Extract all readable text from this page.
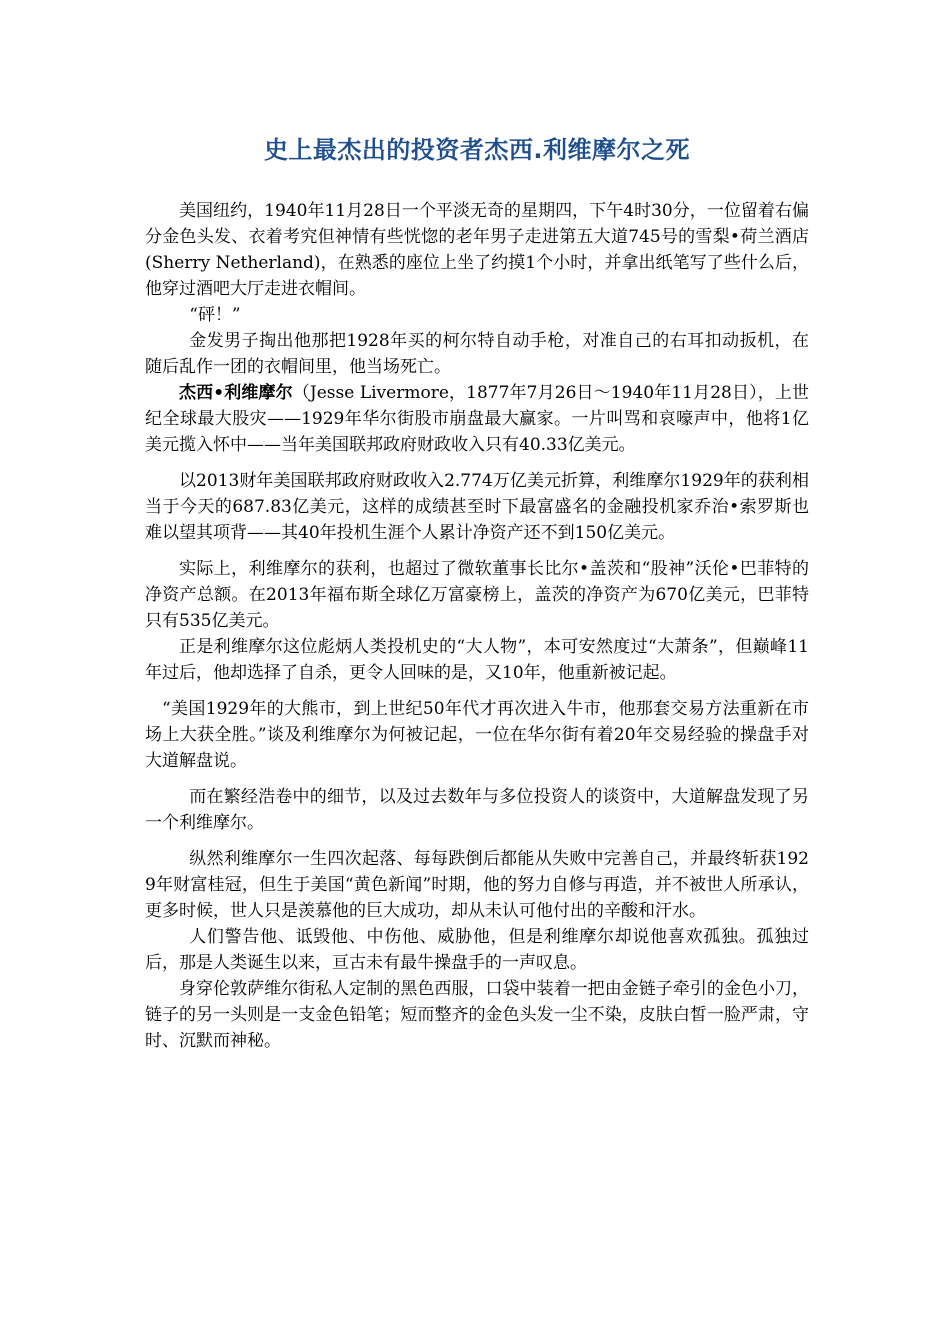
史上最杰出的投资者杰西.利维摩尔之死

美国纽约，1940年11月28日一个平淡无奇的星期四，下午4时30分，一位留着右偏分金色头发、衣着考究但神情有些恍惚的老年男子走进第五大道745号的雪梨•荷兰酒店(Sherry Netherland)，在熟悉的座位上坐了约摸1个小时，并拿出纸笔写了些什么后，他穿过酒吧大厅走进衣帽间。

“砰！”

金发男子掏出他那把1928年买的柯尔特自动手枪，对准自己的右耳扣动扳机，在随后乱作一团的衣帽间里，他当场死亡。

杰西•利维摩尔（Jesse Livermore，1877年7月26日～1940年11月28日），上世纪全球最大股灾——1929年华尔街股市崩盘最大赢家。一片叫骂和哀嚎声中，他将1亿美元揽入怀中——当年美国联邦政府财政收入只有40.33亿美元。

以2013财年美国联邦政府财政收入2.774万亿美元折算，利维摩尔1929年的获利相当于今天的687.83亿美元，这样的成绩甚至时下最富盛名的金融投机家乔治•索罗斯也难以望其项背——其40年投机生涯个人累计净资产还不到150亿美元。

实际上，利维摩尔的获利，也超过了微软董事长比尔•盖茨和“股神”沃伦•巴菲特的净资产总额。在2013年福布斯全球亿万富豪榜上，盖茨的净资产为670亿美元，巴菲特只有535亿美元。

正是利维摩尔这位彪炳人类投机史的“大人物”，本可安然度过“大萧条”，但巅峰11年过后，他却选择了自杀，更令人回味的是，又10年，他重新被记起。

“美国1929年的大熊市，到上世纪50年代才再次进入牛市，他那套交易方法重新在市场上大获全胜。”谈及利维摩尔为何被记起，一位在华尔街有着20年交易经验的操盘手对大道解盘说。

而在繁经浩卷中的细节，以及过去数年与多位投资人的谈资中，大道解盘发现了另一个利维摩尔。

纵然利维摩尔一生四次起落、每每跌倒后都能从失败中完善自己，并最终斩获1929年财富桂冠，但生于美国“黄色新闻”时期，他的努力自修与再造，并不被世人所承认，更多时候，世人只是羡慕他的巨大成功，却从未认可他付出的辛酸和汗水。

人们警告他、诋毁他、中伤他、威胁他，但是利维摩尔却说他喜欢孤独。孤独过后，那是人类诞生以来，亘古未有最牛操盘手的一声叹息。

身穿伦敦萨维尔街私人定制的黑色西服，口袋中装着一把由金链子牵引的金色小刀，链子的另一头则是一支金色铅笔；短而整齐的金色头发一尘不染，皮肤白皙一脸严肃，守时、沉默而神秘。
